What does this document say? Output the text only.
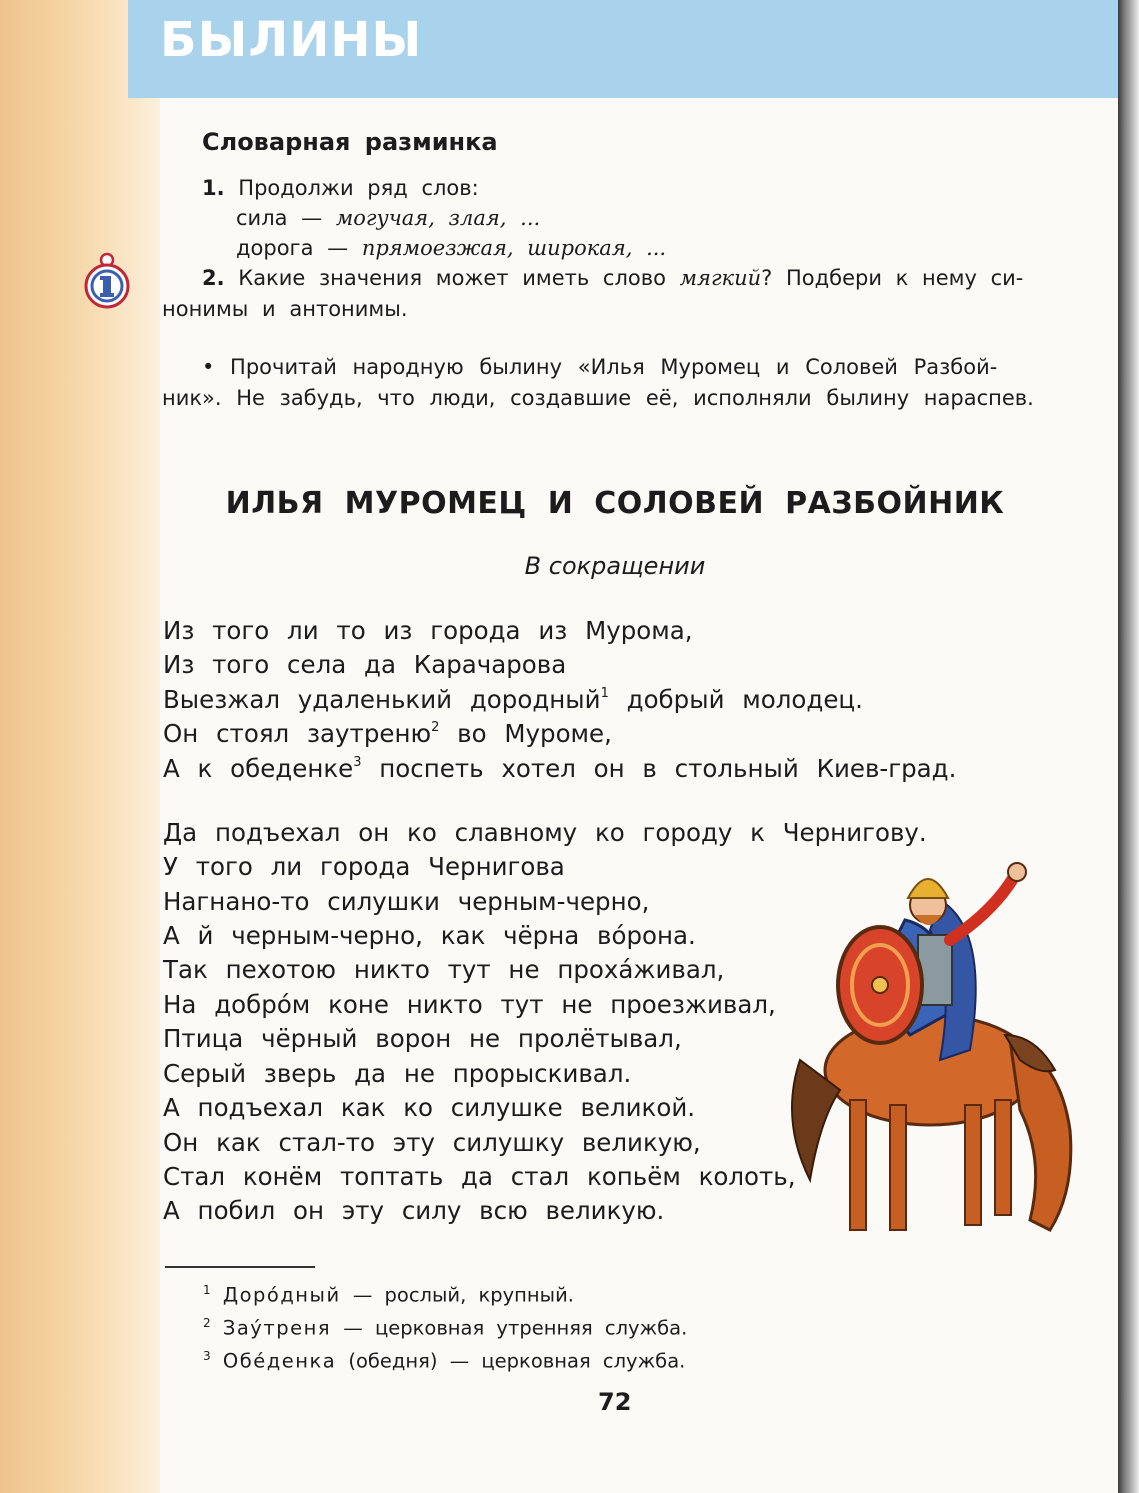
БЫЛИНЫ
Словарная разминка
1. Продолжи ряд слов:
сила — могучая, злая, ...
дорога — прямоезжая, широкая, ...
2. Какие значения может иметь слово мягкий? Подбери к нему си-
нонимы и антонимы.
• Прочитай народную былину «Илья Муромец и Соловей Разбой-
ник». Не забудь, что люди, создавшие её, исполняли былину нараспев.
ИЛЬЯ МУРОМЕЦ И СОЛОВЕЙ РАЗБОЙНИК
В сокращении
Из того ли то из города из Мурома,
Из того села да Карачарова
Выезжал удаленький дородный$^1$ добрый молодец.
Он стоял заутреню$^2$ во Муроме,
А к обеденке$^3$ поспеть хотел он в стольный Киев-град.
Да подъехал он ко славному ко городу к Чернигову.
У того ли города Чернигова
Нагнано-то силушки черным-черно,
А й черным-черно, как чёрна во́рона.
Так пехотою никто тут не проха́живал,
На добро́м коне никто тут не проезживал,
Птица чёрный ворон не пролётывал,
Серый зверь да не прорыскивал.
А подъехал как ко силушке великой.
Он как стал-то эту силушку великую,
Стал конём топтать да стал копьём колоть,
А побил он эту силу всю великую.
$^1$ Доро́дный — рослый, крупный.
$^2$ Зау́треня — церковная утренняя служба.
$^3$ Обе́денка (обедня) — церковная служба.
72
